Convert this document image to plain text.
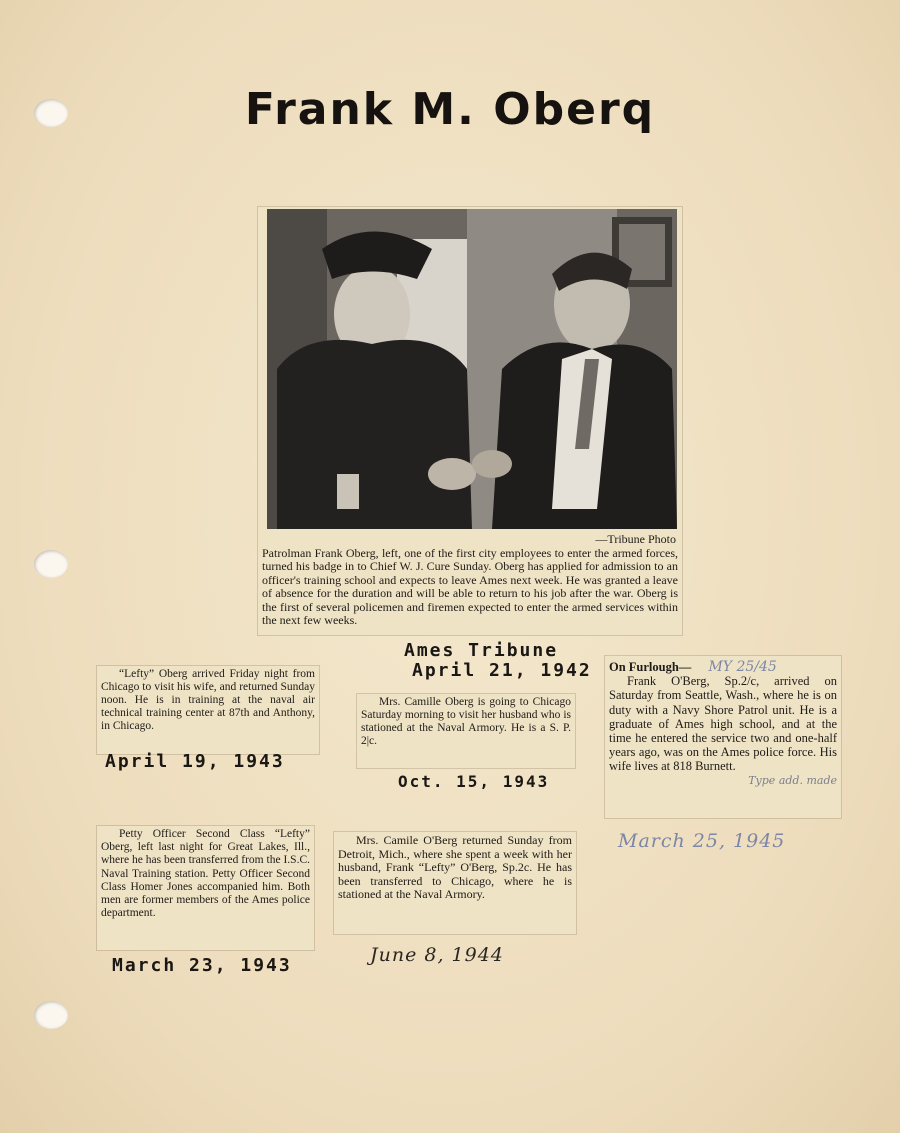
Frank M. Oberq
—Tribune Photo

Patrolman Frank Oberg, left, one of the first city employees to enter the armed forces, turned his badge in to Chief W. J. Cure Sunday. Oberg has applied for admission to an officer's training school and expects to leave Ames next week. He was granted a leave of absence for the duration and will be able to return to his job after the war. Oberg is the first of several policemen and firemen expected to enter the armed services within the next few weeks.

Ames Tribune
April 21, 1942

“Lefty” Oberg arrived Friday night from Chicago to visit his wife, and returned Sunday noon. He is in training at the naval air technical training center at 87th and Anthony, in Chicago.

April 19, 1943

Mrs. Camille Oberg is going to Chicago Saturday morning to visit her husband who is stationed at the Naval Armory. He is a S. P. 2|c.

Oct. 15, 1943

On Furlough— MY 25/45

Frank O'Berg, Sp.2/c, arrived on Saturday from Seattle, Wash., where he is on duty with a Navy Shore Patrol unit. He is a graduate of Ames high school, and at the time he entered the service two and one-half years ago, was on the Ames police force. His wife lives at 818 Burnett.

Type add. made

March 25, 1945

Petty Officer Second Class “Lefty” Oberg, left last night for Great Lakes, Ill., where he has been transferred from the I.S.C. Naval Training station. Petty Officer Second Class Homer Jones accompanied him. Both men are former members of the Ames police department.

March 23, 1943

Mrs. Camile O'Berg returned Sunday from Detroit, Mich., where she spent a week with her husband, Frank “Lefty” O'Berg, Sp.2c. He has been transferred to Chicago, where he is stationed at the Naval Armory.

June 8, 1944
